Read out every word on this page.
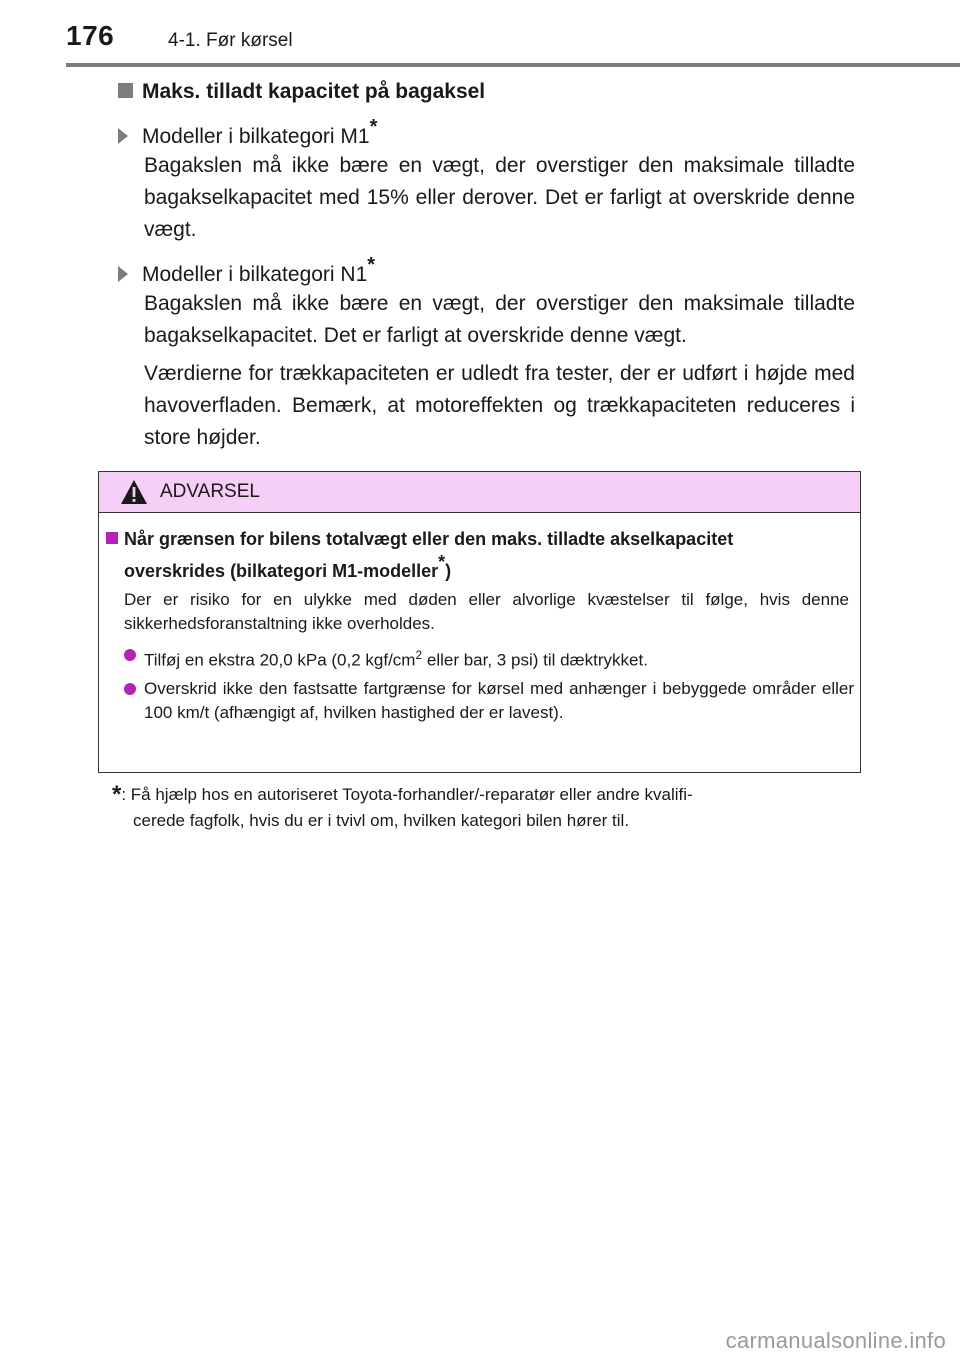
176	4-1. Før kørsel
Maks. tilladt kapacitet på bagaksel
Modeller i bilkategori M1*
Bagakslen må ikke bære en vægt, der overstiger den maksimale tilladte bagakselkapacitet med 15% eller derover. Det er farligt at overskride denne vægt.
Modeller i bilkategori N1*
Bagakslen må ikke bære en vægt, der overstiger den maksimale tilladte bagakselkapacitet. Det er farligt at overskride denne vægt.
Værdierne for trækkapaciteten er udledt fra tester, der er udført i højde med havoverfladen. Bemærk, at motoreffekten og trækkapaciteten reduceres i store højder.
ADVARSEL
Når grænsen for bilens totalvægt eller den maks. tilladte akselkapacitet
overskrides (bilkategori M1-modeller*)
Der er risiko for en ulykke med døden eller alvorlige kvæstelser til følge, hvis denne sikkerhedsforanstaltning ikke overholdes.
Tilføj en ekstra 20,0 kPa (0,2 kgf/$cm^2$ eller bar, 3 psi) til dæktrykket.
Overskrid ikke den fastsatte fartgrænse for kørsel med anhænger i bebyggede områder eller 100 km/t (afhængigt af, hvilken hastighed der er lavest).
*: Få hjælp hos en autoriseret Toyota-forhandler/-reparatør eller andre kvalifi-
cerede fagfolk, hvis du er i tvivl om, hvilken kategori bilen hører til.
carmanualsonline.info
